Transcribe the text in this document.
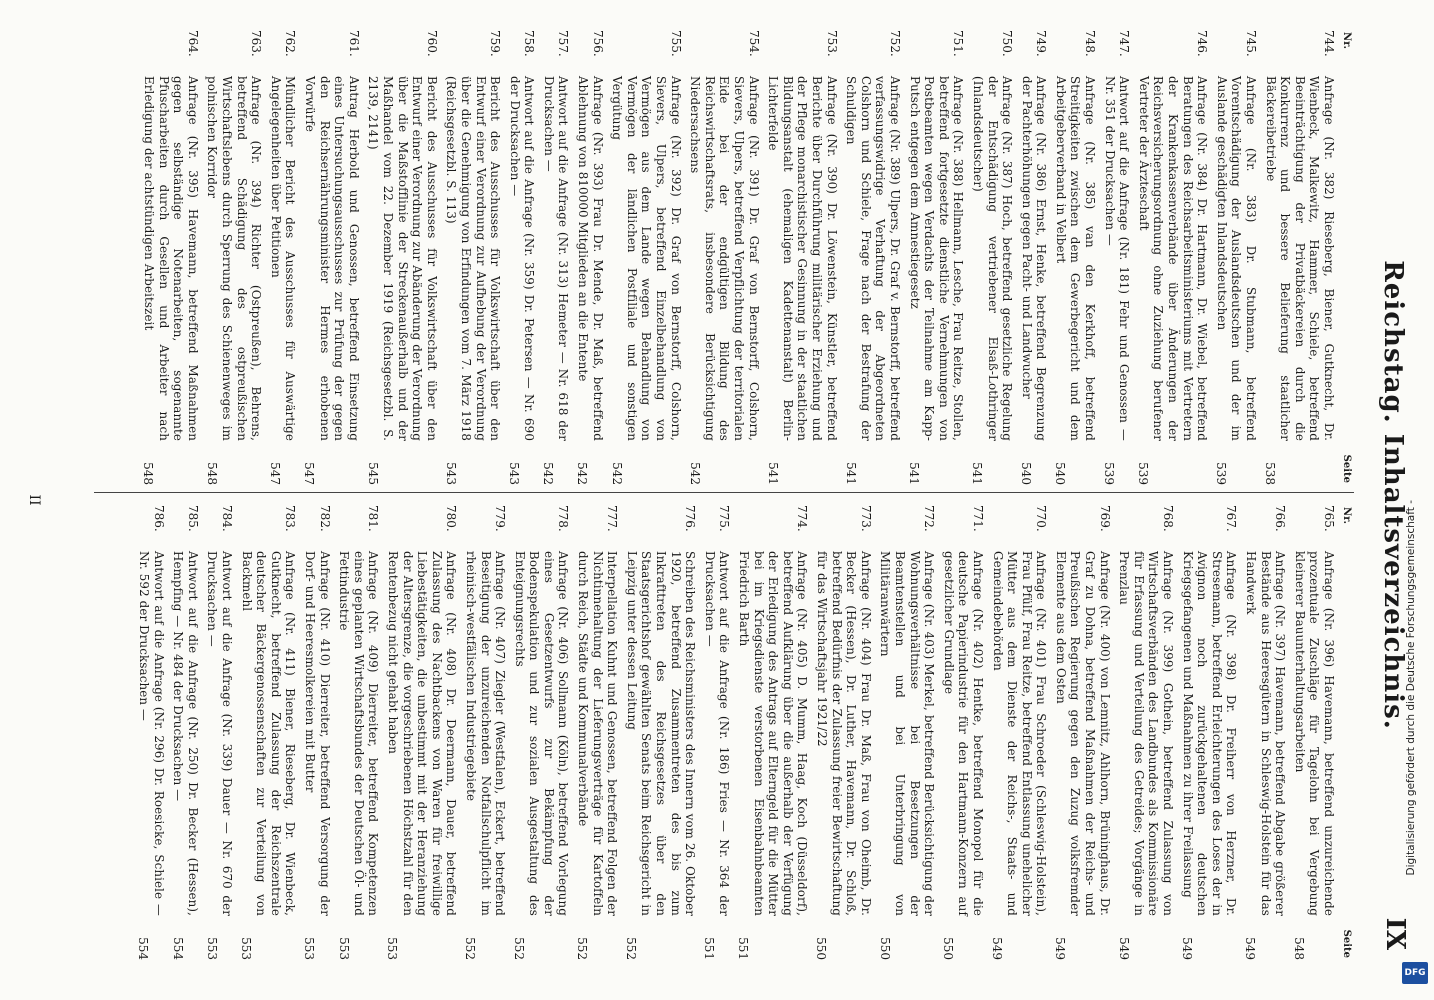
Reichstag. Inhaltsverzeichnis.
IX
Nr.
Seite
744.
Anfrage (Nr. 382) Rieseberg, Biener, Gutknecht, Dr. Wienbeck, Malkewitz, Hammer, Schiele, betreffend Beeinträchtigung der Privatbäckereien durch die Konkurrenz und bessere Belieferung staatlicher Bäckereibetriebe
538
745.
Anfrage (Nr. 383) Dr. Stubmann, betreffend Vorentschädigung der Auslandsdeutschen und der im Auslande geschädigten Inlandsdeutschen
539
746.
Anfrage (Nr. 384) Dr. Hartmann, Dr. Wiebel, betreffend Beratungen des Reichsarbeitsministeriums mit Vertretern der Krankenkassenverbände über Änderungen der Reichsversicherungsordnung ohne Zuziehung berufener Vertreter der Ärzteschaft
539
747.
Antwort auf die Anfrage (Nr. 181) Fehr und Genossen — Nr. 351 der Drucksachen —
539
748.
Anfrage (Nr. 385) van den Kerkhoff, betreffend Streitigkeiten zwischen dem Gewerbegericht und dem Arbeitgeberverband in Velbert
540
749.
Anfrage (Nr. 386) Ernst, Henke, betreffend Begrenzung der Pachterhöhungen gegen Pacht- und Landwucher
540
750.
Anfrage (Nr. 387) Hoch, betreffend gesetzliche Regelung der Entschädigung vertriebener Elsaß-Lothringer (Inlandsdeutscher)
541
751.
Anfrage (Nr. 388) Hellmann, Lesche, Frau Reitze, Stollen, betreffend fortgesetzte dienstliche Vernehmungen von Postbeamten wegen Verdachts der Teilnahme am Kapp-Putsch entgegen dem Amnestiegesetz
541
752.
Anfrage (Nr. 389) Ulpers, Dr. Graf v. Bernstorff, betreffend verfassungswidrige Verhaftung der Abgeordneten Colshorn und Schiele, Frage nach der Bestrafung der Schuldigen
541
753.
Anfrage (Nr. 390) Dr. Löwenstein, Künstler, betreffend Berichte über Durchführung militärischer Erziehung und der Pflege monarchistischer Gesinnung in der staatlichen Bildungsanstalt (ehemaligen Kadettenanstalt) Berlin-Lichterfelde
541
754.
Anfrage (Nr. 391) Dr. Graf von Bernstorff, Colshorn, Sievers, Ulpers, betreffend Verpflichtung der territorialen Eide bei der endgültigen Bildung des Reichswirtschaftsrats, insbesondere Berücksichtigung Niedersachsens
542
755.
Anfrage (Nr. 392) Dr. Graf von Bernstorff, Colshorn, Sievers, Ulpers, betreffend Einzelbehandlung von Vermögen aus dem Lande wegen Behandlung von Vermögen der ländlichen Postfiliale und sonstigen Vergütung
542
756.
Anfrage (Nr. 393) Frau Dr. Mende, Dr. Maß, betreffend Ablehnung von 810000 Mitglieden an die Entente
542
757.
Antwort auf die Anfrage (Nr. 313) Hemeter — Nr. 618 der Drucksachen —
542
758.
Antwort auf die Anfrage (Nr. 359) Dr. Petersen — Nr. 690 der Drucksachen —
543
759.
Bericht des Ausschusses für Volkswirtschaft über den Entwurf einer Verordnung zur Aufhebung der Verordnung über die Genehmigung von Erfindungen vom 7. März 1918 (Reichsgesetzbl. S. 113)
543
760.
Bericht des Ausschusses für Volkswirtschaft über den Entwurf einer Verordnung zur Abänderung der Verordnung über die Maßstofflinie der Streckenaußerhalb und der Maßhandel vom 22. Dezember 1919 (Reichsgesetzbl. S. 2139, 2141)
545
761.
Antrag Herbold und Genossen, betreffend Einsetzung eines Untersuchungsausschusses zur Prüfung der gegen den Reichsernährungsminister Hermes erhobenen Vorwürfe
547
762.
Mündlicher Bericht des Ausschusses für Auswärtige Angelegenheiten über Petitionen
547
763.
Anfrage (Nr. 394) Richter (Ostpreußen), Behrens, betreffend Schädigung des ostpreußischen Wirtschaftslebens durch Sperrung des Schienenweges im polnischen Korridor
548
764.
Anfrage (Nr. 395) Havemann, betreffend Maßnahmen gegen selbständige Notenarbeiten, sogenannte Pfuscharbeiten durch Gesellen und Arbeiter nach Erledigung der achtstündigen Arbeitszeit
548
Nr.
Seite
765.
Anfrage (Nr. 396) Havemann, betreffend unzureichende prozentuale Zuschläge für Tagelohn bei Vergebung kleinerer Bauunterhaltungsarbeiten
548
766.
Anfrage (Nr. 397) Havemann, betreffend Abgabe größerer Bestände aus Heeresgütern in Schleswig-Holstein für das Handwerk
549
767.
Anfrage (Nr. 398) Dr. Freiherr von Herzner, Dr. Stresemann, betreffend Erleichterungen des Loses der in Avignon noch zurückgehaltenen deutschen Kriegsgefangenen und Maßnahmen zu ihrer Freilassung
549
768.
Anfrage (Nr. 399) Gothein, betreffend Zulassung von Wirtschaftsverbänden des Landbundes als Kommissionäre für Erfassung und Verteilung des Getreides; Vorgänge in Prenzlau
549
769.
Anfrage (Nr. 400) von Lemnitz, Ahlhorn, Brüninghaus, Dr. Graf zu Dohna, betreffend Maßnahmen der Reichs- und Preußischen Regierung gegen den Zuzug volksfremder Elemente aus dem Osten
549
770.
Anfrage (Nr. 401) Frau Schroeder (Schleswig-Holstein), Frau Pfülf, Frau Reitze, betreffend Entlassung unehelicher Mütter aus dem Dienste der Reichs-, Staats- und Gemeindebehörden
549
771.
Anfrage (Nr. 402) Hentke, betreffend Monopol für die deutsche Papierindustrie für den Hartmann-Konzern auf gesetzlicher Grundlage
550
772.
Anfrage (Nr. 403) Merkel, betreffend Berücksichtigung der Wohnungsverhältnisse bei Besetzungen der Beamtenstellen und bei Unterbringung von Militäranwärtern
550
773.
Anfrage (Nr. 404) Frau Dr. Maß, Frau von Oheimb, Dr. Becker (Hessen), Dr. Luther, Havemann, Dr. Schloß, betreffend Bedürfnis der Zulassung freier Bewirtschaftung für das Wirtschaftsjahr 1921/22
550
774.
Anfrage (Nr. 405) D. Mumm, Haag, Koch (Düsseldorf), betreffend Aufklärung über die außerhalb der Verfügung der Erledigung des Antrags auf Elterngeld für die Mütter bei im Kriegsdienste verstorbenen Eisenbahnbeamten Friedrich Barth
551
775.
Antwort auf die Anfrage (Nr. 186) Fries — Nr. 364 der Drucksachen —
551
776.
Schreiben des Reichsministers des Innern vom 26. Oktober 1920, betreffend Zusammentreten des bis zum Inkrafttreten des Reichsgesetzes über den Staatsgerichtshof gewählten Senats beim Reichsgericht in Leipzig unter dessen Leitung
552
777.
Interpellation Kuhnt und Genossen, betreffend Folgen der Nichtinnehaltung der Lieferungsverträge für Kartoffeln durch Reich, Städte und Kommunalverbände
552
778.
Anfrage (Nr. 406) Sollmann (Köln), betreffend Vorlegung eines Gesetzentwurfs zur Bekämpfung der Bodenspekulation und zur sozialen Ausgestaltung des Enteignungsrechts
552
779.
Anfrage (Nr. 407) Ziegler (Westfalen), Eckert, betreffend Beseitigung der unzureichenden Notfallschulpflicht im rheinisch-westfälischen Industriegebiete
552
780.
Anfrage (Nr. 408) Dr. Deermann, Dauer, betreffend Zulassung des Nachtbackens von Waren für freiwillige Liebestätigkeiten, die unbestimmt mit der Heranziehung der Altersgrenze, die vorgeschriebenen Höchstzahl für den Rentenbezug nicht gehabt haben
553
781.
Anfrage (Nr. 409) Dierreiter, betreffend Kompetenzen eines geplanten Wirtschaftsbundes der Deutschen Öl- und Fettindustrie
553
782.
Anfrage (Nr. 410) Dierreiter, betreffend Versorgung der Dorf- und Heeresmolkereien mit Butter
553
783.
Anfrage (Nr. 411) Biener, Rieseberg, Dr. Wienbeck, Gutknecht, betreffend Zulassung der Reichszentrale deutscher Bäckergenossenschaften zur Verteilung von Backmehl
553
784.
Antwort auf die Anfrage (Nr. 339) Dauer — Nr. 670 der Drucksachen —
553
785.
Antwort auf die Anfrage (Nr. 250) Dr. Becker (Hessen), Hempfing — Nr. 484 der Drucksachen —
554
786.
Antwort auf die Anfrage (Nr. 296) Dr. Roesicke, Schiele — Nr. 592 der Drucksachen —
554
II	Digitalisierung gefördert durch die Deutsche Forschungsgemeinschaft -
DFG
